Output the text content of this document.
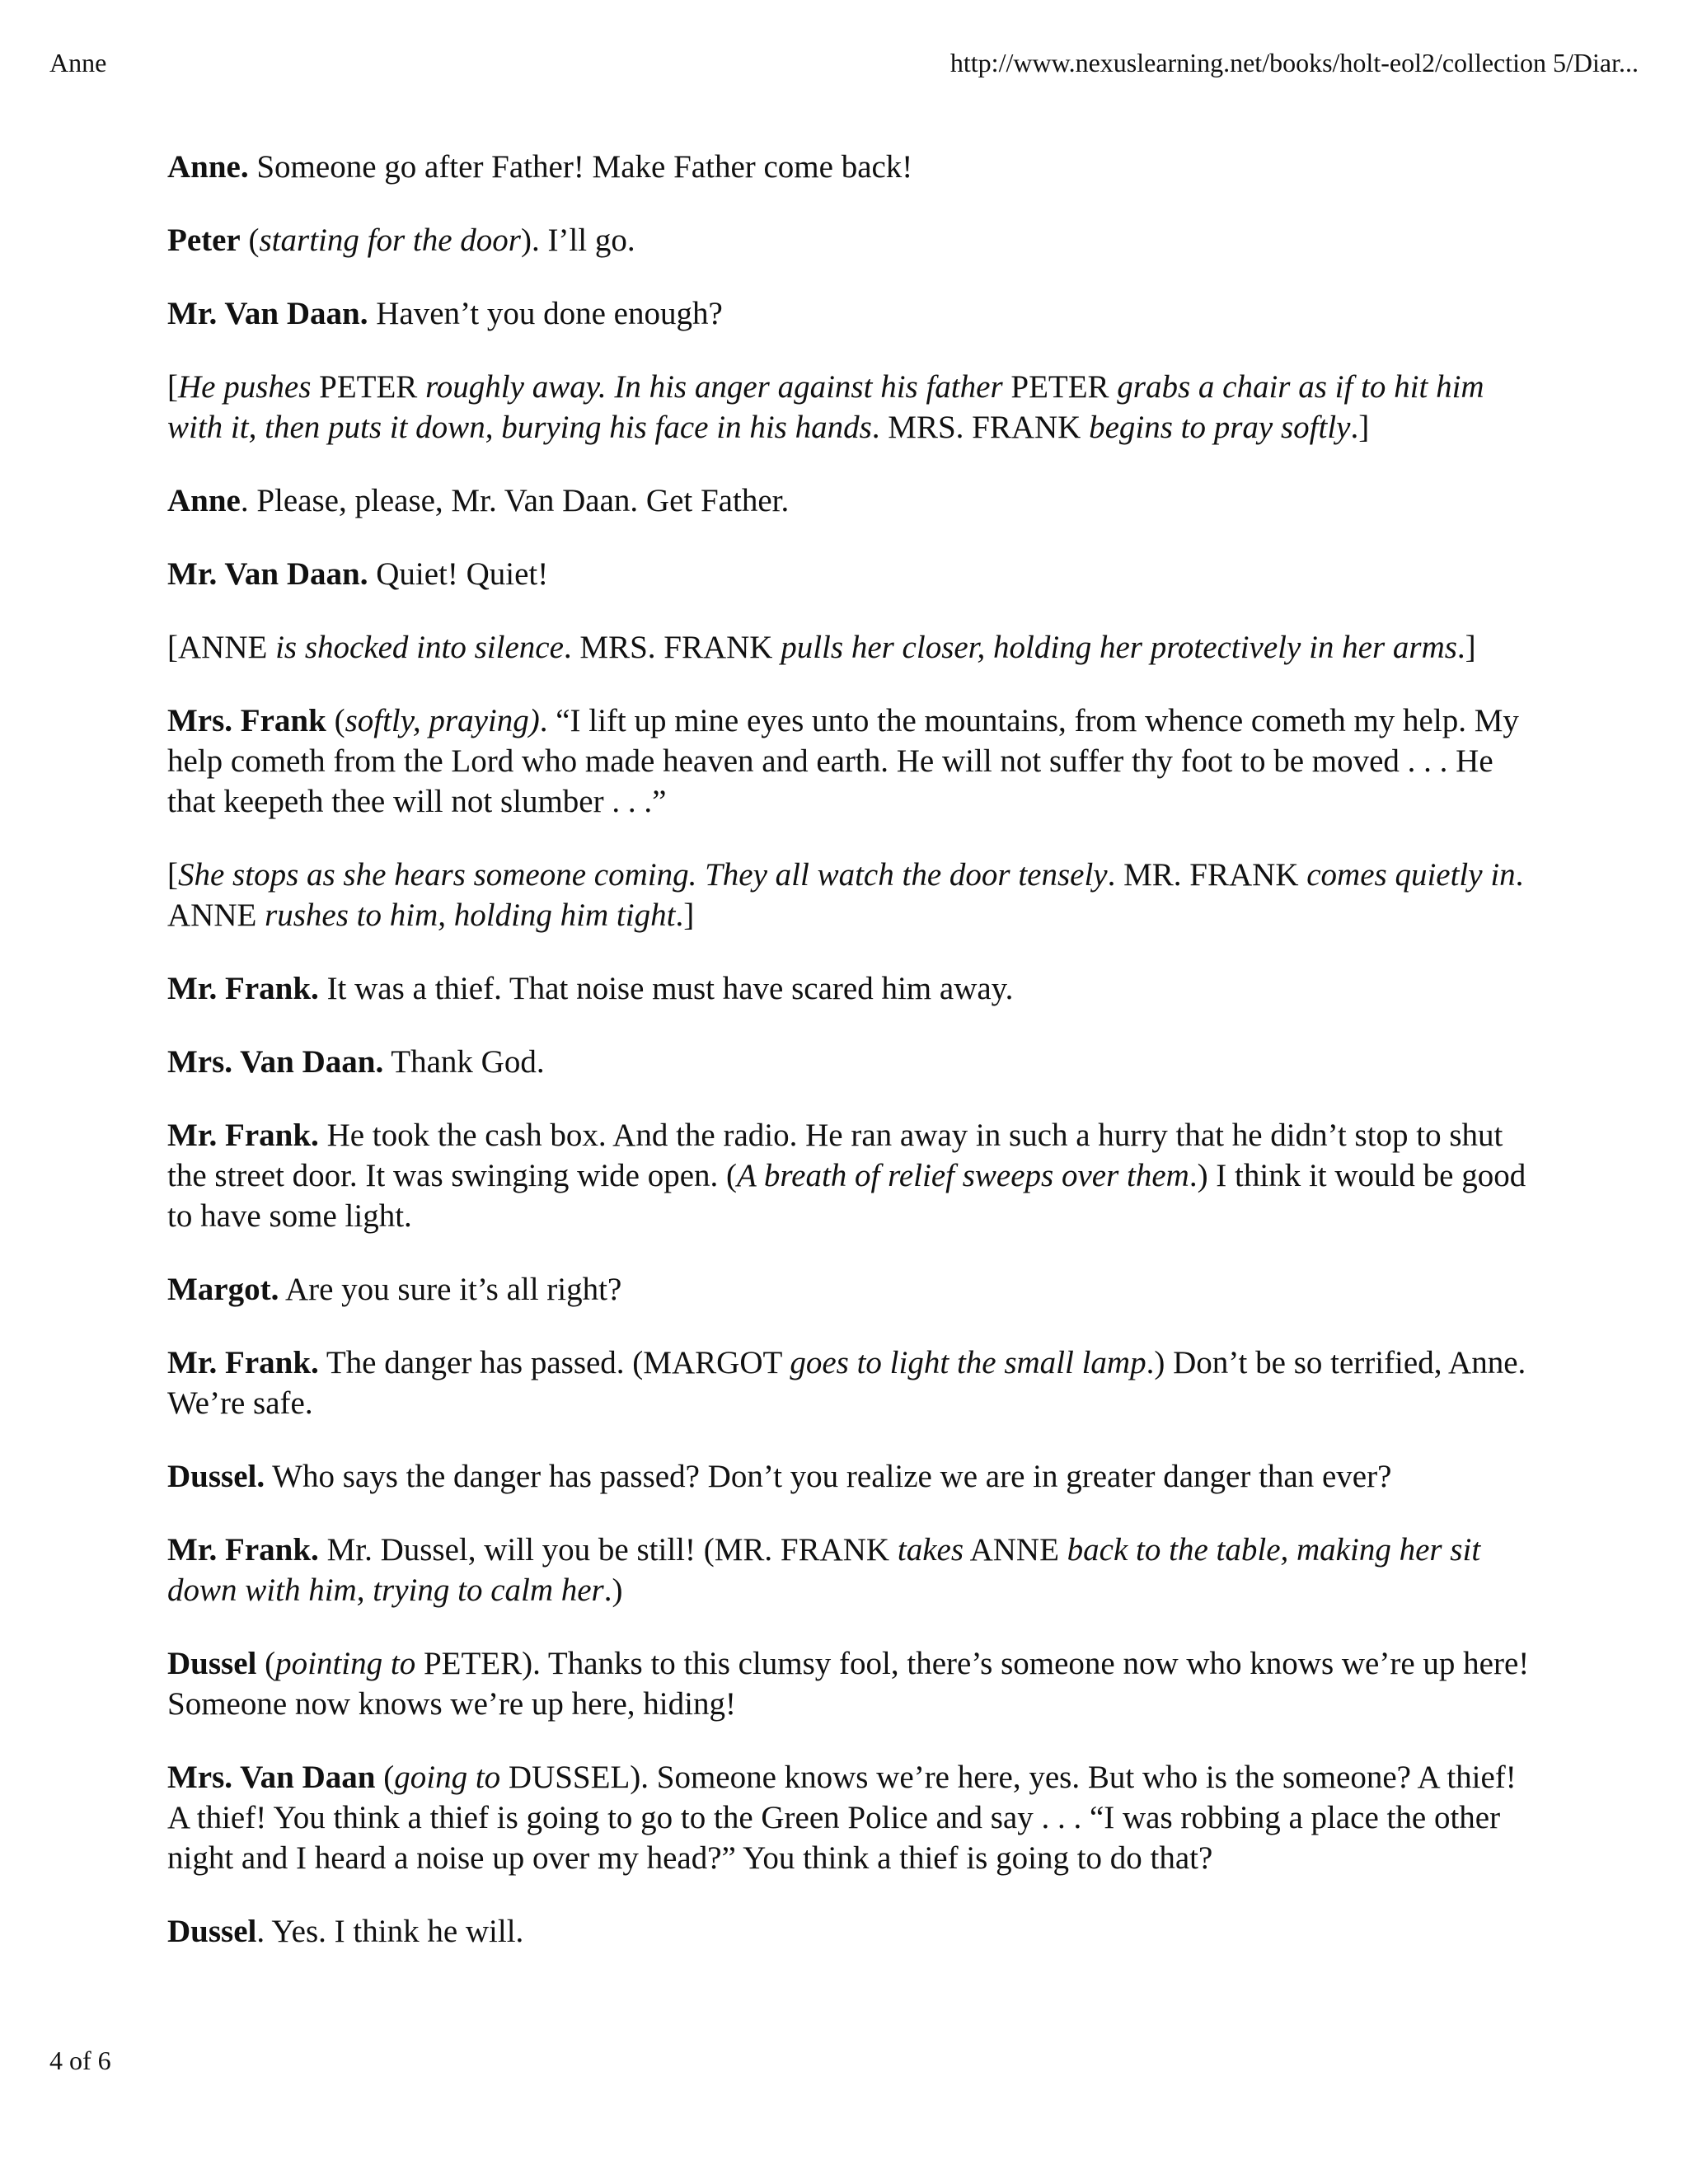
Anne	http://www.nexuslearning.net/books/holt-eol2/collection 5/Diar...

Anne. Someone go after Father! Make Father come back!

Peter (starting for the door). I’ll go.

Mr. Van Daan. Haven’t you done enough?

[He pushes PETER roughly away. In his anger against his father PETER grabs a chair as if to hit him with it, then puts it down, burying his face in his hands. MRS. FRANK begins to pray softly.]

Anne. Please, please, Mr. Van Daan. Get Father.

Mr. Van Daan. Quiet! Quiet!

[ANNE is shocked into silence. MRS. FRANK pulls her closer, holding her protectively in her arms.]

Mrs. Frank (softly, praying). “I lift up mine eyes unto the mountains, from whence cometh my help. My help cometh from the Lord who made heaven and earth. He will not suffer thy foot to be moved . . . He that keepeth thee will not slumber . . .”

[She stops as she hears someone coming. They all watch the door tensely. MR. FRANK comes quietly in. ANNE rushes to him, holding him tight.]

Mr. Frank. It was a thief. That noise must have scared him away.

Mrs. Van Daan. Thank God.

Mr. Frank. He took the cash box. And the radio. He ran away in such a hurry that he didn’t stop to shut the street door. It was swinging wide open. (A breath of relief sweeps over them.) I think it would be good to have some light.

Margot. Are you sure it’s all right?

Mr. Frank. The danger has passed. (MARGOT goes to light the small lamp.) Don’t be so terrified, Anne. We’re safe.

Dussel. Who says the danger has passed? Don’t you realize we are in greater danger than ever?

Mr. Frank. Mr. Dussel, will you be still! (MR. FRANK takes ANNE back to the table, making her sit down with him, trying to calm her.)

Dussel (pointing to PETER). Thanks to this clumsy fool, there’s someone now who knows we’re up here! Someone now knows we’re up here, hiding!

Mrs. Van Daan (going to DUSSEL). Someone knows we’re here, yes. But who is the someone? A thief! A thief! You think a thief is going to go to the Green Police and say . . . “I was robbing a place the other night and I heard a noise up over my head?” You think a thief is going to do that?

Dussel. Yes. I think he will.

4 of 6
